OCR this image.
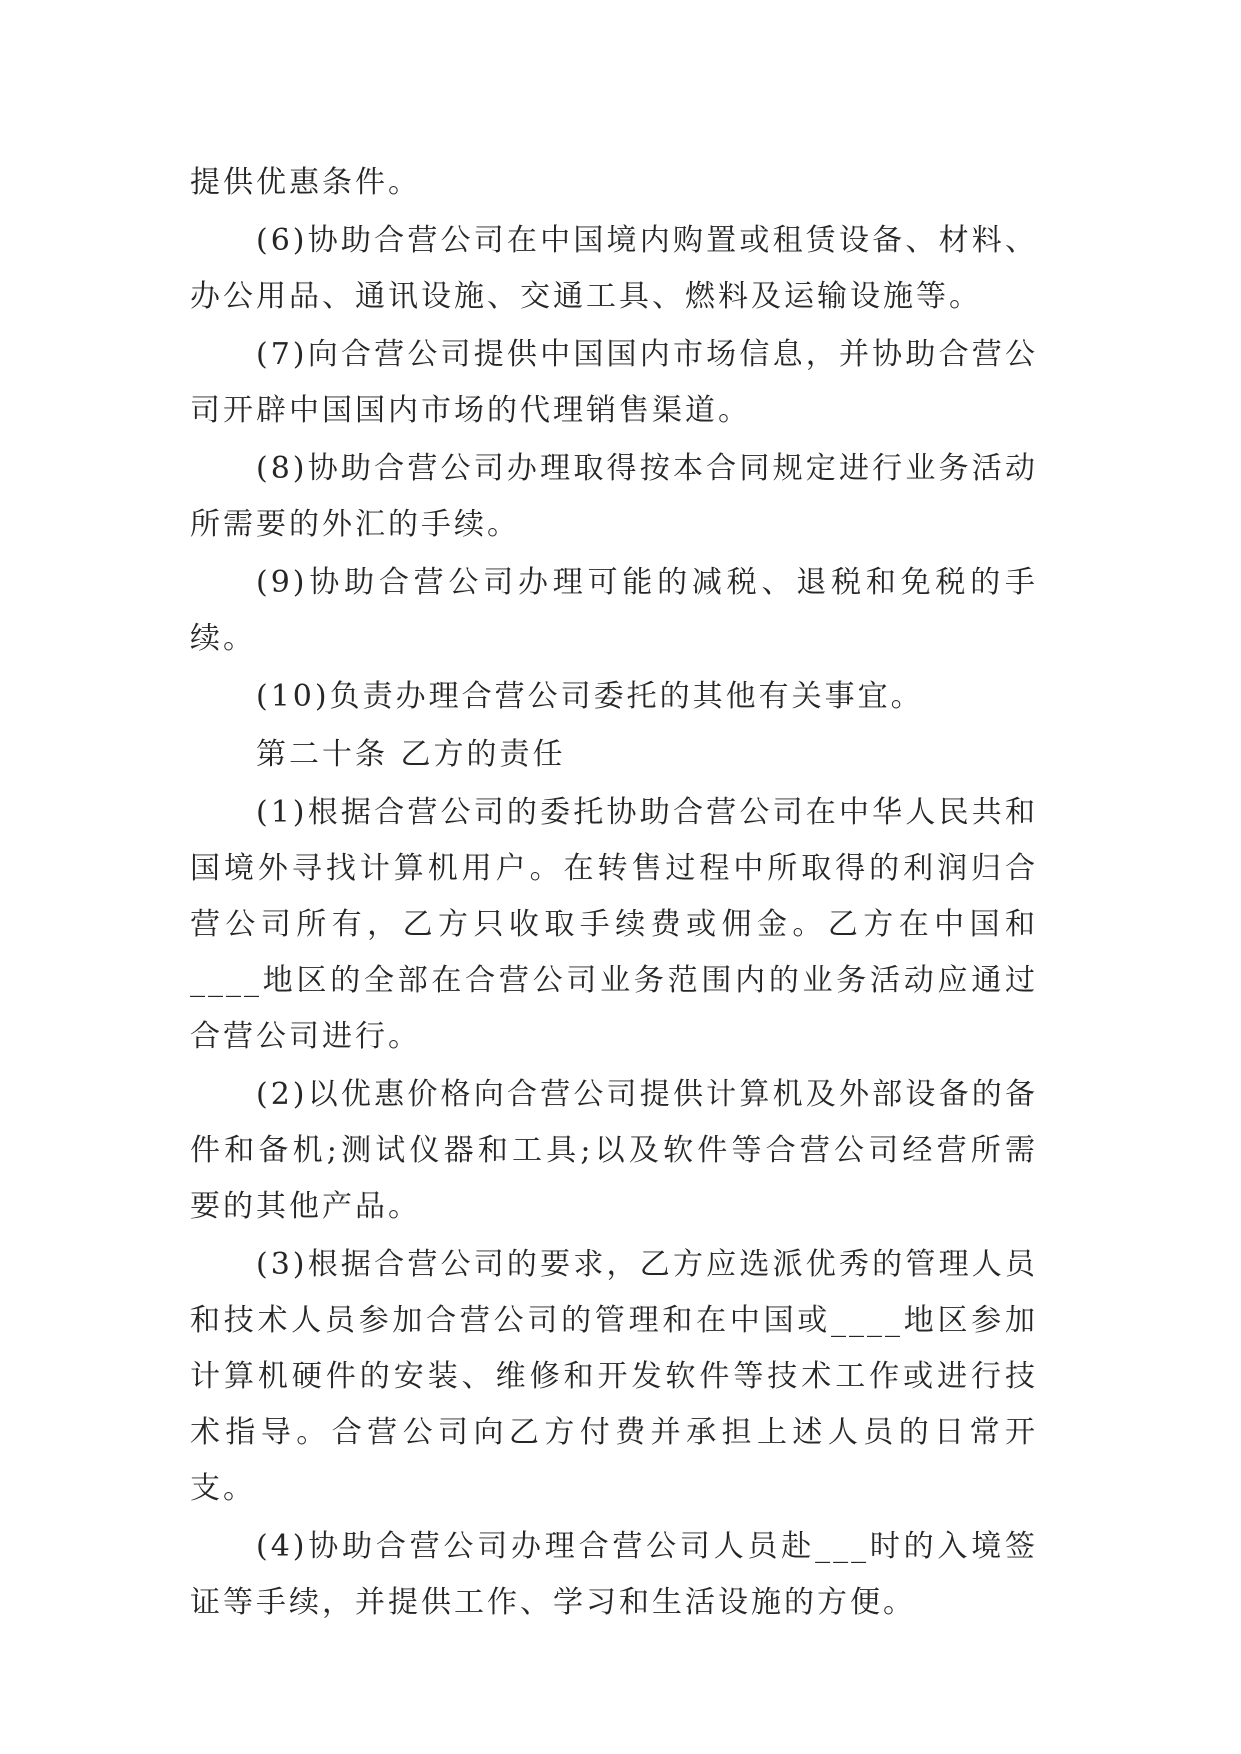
提供优惠条件。

(6)协助合营公司在中国境内购置或租赁设备、材料、办公用品、通讯设施、交通工具、燃料及运输设施等。

(7)向合营公司提供中国国内市场信息，并协助合营公司开辟中国国内市场的代理销售渠道。

(8)协助合营公司办理取得按本合同规定进行业务活动所需要的外汇的手续。

(9)协助合营公司办理可能的减税、退税和免税的手续。

(10)负责办理合营公司委托的其他有关事宜。

第二十条 乙方的责任

(1)根据合营公司的委托协助合营公司在中华人民共和国境外寻找计算机用户。在转售过程中所取得的利润归合营公司所有，乙方只收取手续费或佣金。乙方在中国和____地区的全部在合营公司业务范围内的业务活动应通过合营公司进行。

(2)以优惠价格向合营公司提供计算机及外部设备的备件和备机;测试仪器和工具;以及软件等合营公司经营所需要的其他产品。

(3)根据合营公司的要求，乙方应选派优秀的管理人员和技术人员参加合营公司的管理和在中国或____地区参加计算机硬件的安装、维修和开发软件等技术工作或进行技术指导。合营公司向乙方付费并承担上述人员的日常开支。

(4)协助合营公司办理合营公司人员赴___时的入境签证等手续，并提供工作、学习和生活设施的方便。
